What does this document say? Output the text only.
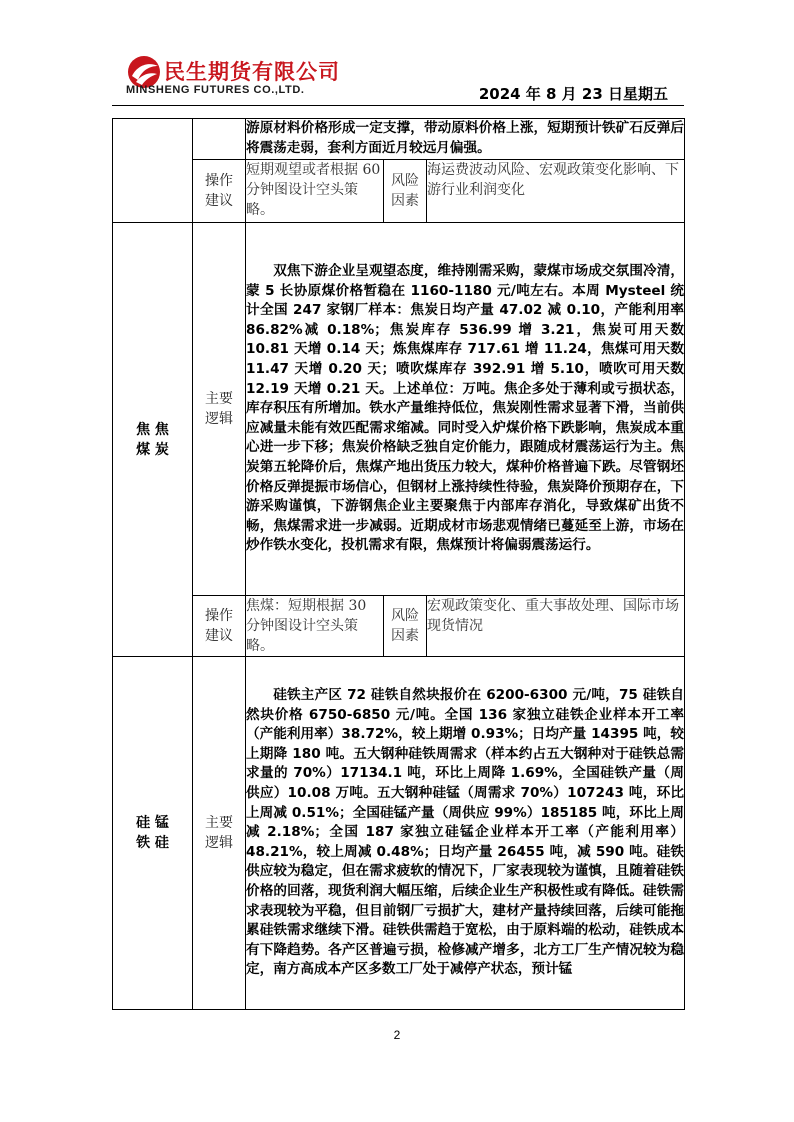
民生期货有限公司
MINSHENG FUTURES CO.,LTD.	2024 年 8 月 23 日星期五
		游原材料价格形成一定支撑，带动原料价格上涨，短期预计铁矿石反弹后将震荡走弱，套利方面近月较远月偏强。		

	操作建议	短期观望或者根据 60 分钟图设计空头策略。	风险因素	海运费波动风险、宏观政策变化影响、下游行业利润变化

焦 焦
煤 炭	主要逻辑	双焦下游企业呈观望态度，维持刚需采购，蒙煤市场成交氛围冷清，蒙 5 长协原煤价格暂稳在 1160-1180 元/吨左右。本周 Mysteel 统计全国 247 家钢厂样本：焦炭日均产量 47.02 减 0.10，产能利用率 86.82%减 0.18%；焦炭库存 536.99 增 3.21，焦炭可用天数 10.81 天增 0.14 天；炼焦煤库存 717.61 增 11.24，焦煤可用天数 11.47 天增 0.20 天；喷吹煤库存 392.91 增 5.10，喷吹可用天数 12.19 天增 0.21 天。上述单位：万吨。焦企多处于薄利或亏损状态，库存积压有所增加。铁水产量维持低位，焦炭刚性需求显著下滑，当前供应减量未能有效匹配需求缩减。同时受入炉煤价格下跌影响，焦炭成本重心进一步下移；焦炭价格缺乏独自定价能力，跟随成材震荡运行为主。焦炭第五轮降价后，焦煤产地出货压力较大，煤种价格普遍下跌。尽管钢坯价格反弹提振市场信心，但钢材上涨持续性待验，焦炭降价预期存在，下游采购谨慎，下游钢焦企业主要聚焦于内部库存消化，导致煤矿出货不畅，焦煤需求进一步减弱。近期成材市场悲观情绪已蔓延至上游，市场在炒作铁水变化，投机需求有限，焦煤预计将偏弱震荡运行。		

	操作建议	焦煤：短期根据 30 分钟图设计空头策略。	风险因素	宏观政策变化、重大事故处理、国际市场现货情况

硅 锰
铁 硅	主要逻辑	硅铁主产区 72 硅铁自然块报价在 6200-6300 元/吨，75 硅铁自然块价格 6750-6850 元/吨。全国 136 家独立硅铁企业样本开工率（产能利用率）38.72%，较上期增 0.93%；日均产量 14395 吨，较上期降 180 吨。五大钢种硅铁周需求（样本约占五大钢种对于硅铁总需求量的 70%）17134.1 吨，环比上周降 1.69%，全国硅铁产量（周供应）10.08 万吨。五大钢种硅锰（周需求 70%）107243 吨，环比上周减 0.51%；全国硅锰产量（周供应 99%）185185 吨，环比上周减 2.18%；全国 187 家独立硅锰企业样本开工率（产能利用率）48.21%，较上周减 0.48%；日均产量 26455 吨，减 590 吨。硅铁供应较为稳定，但在需求疲软的情况下，厂家表现较为谨慎，且随着硅铁价格的回落，现货利润大幅压缩，后续企业生产积极性或有降低。硅铁需求表现较为平稳，但目前钢厂亏损扩大，建材产量持续回落，后续可能拖累硅铁需求继续下滑。硅铁供需趋于宽松，由于原料端的松动，硅铁成本有下降趋势。各产区普遍亏损，检修减产增多，北方工厂生产情况较为稳定，南方高成本产区多数工厂处于减停产状态，预计锰		
2
